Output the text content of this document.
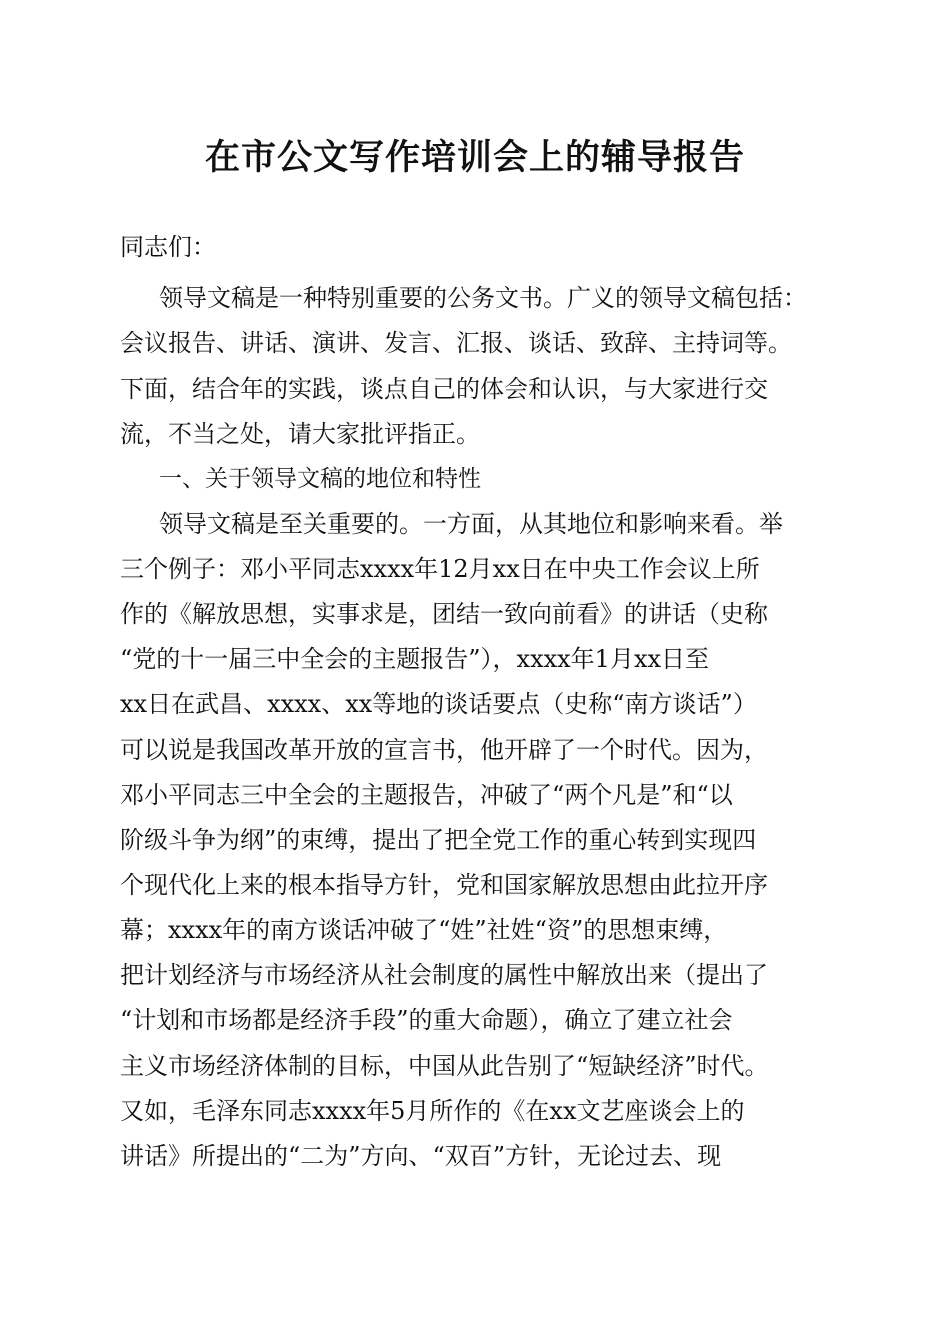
在市公文写作培训会上的辅导报告

同志们：

领导文稿是一种特别重要的公务文书。广义的领导文稿包括：

会议报告、讲话、演讲、发言、汇报、谈话、致辞、主持词等。

下面，结合年的实践，谈点自己的体会和认识，与大家进行交

流，不当之处，请大家批评指正。

一、关于领导文稿的地位和特性

领导文稿是至关重要的。一方面，从其地位和影响来看。举

三个例子：邓小平同志xxxx年12月xx日在中央工作会议上所

作的《解放思想，实事求是，团结一致向前看》的讲话（史称

“党的十一届三中全会的主题报告”），xxxx年1月xx日至

xx日在武昌、xxxx、xx等地的谈话要点（史称“南方谈话”）

可以说是我国改革开放的宣言书，他开辟了一个时代。因为，

邓小平同志三中全会的主题报告，冲破了“两个凡是”和“以

阶级斗争为纲”的束缚，提出了把全党工作的重心转到实现四

个现代化上来的根本指导方针，党和国家解放思想由此拉开序

幕；xxxx年的南方谈话冲破了“姓”社姓“资”的思想束缚，

把计划经济与市场经济从社会制度的属性中解放出来（提出了

“计划和市场都是经济手段”的重大命题），确立了建立社会

主义市场经济体制的目标，中国从此告别了“短缺经济”时代。

又如，毛泽东同志xxxx年5月所作的《在xx文艺座谈会上的

讲话》所提出的“二为”方向、“双百”方针，无论过去、现
